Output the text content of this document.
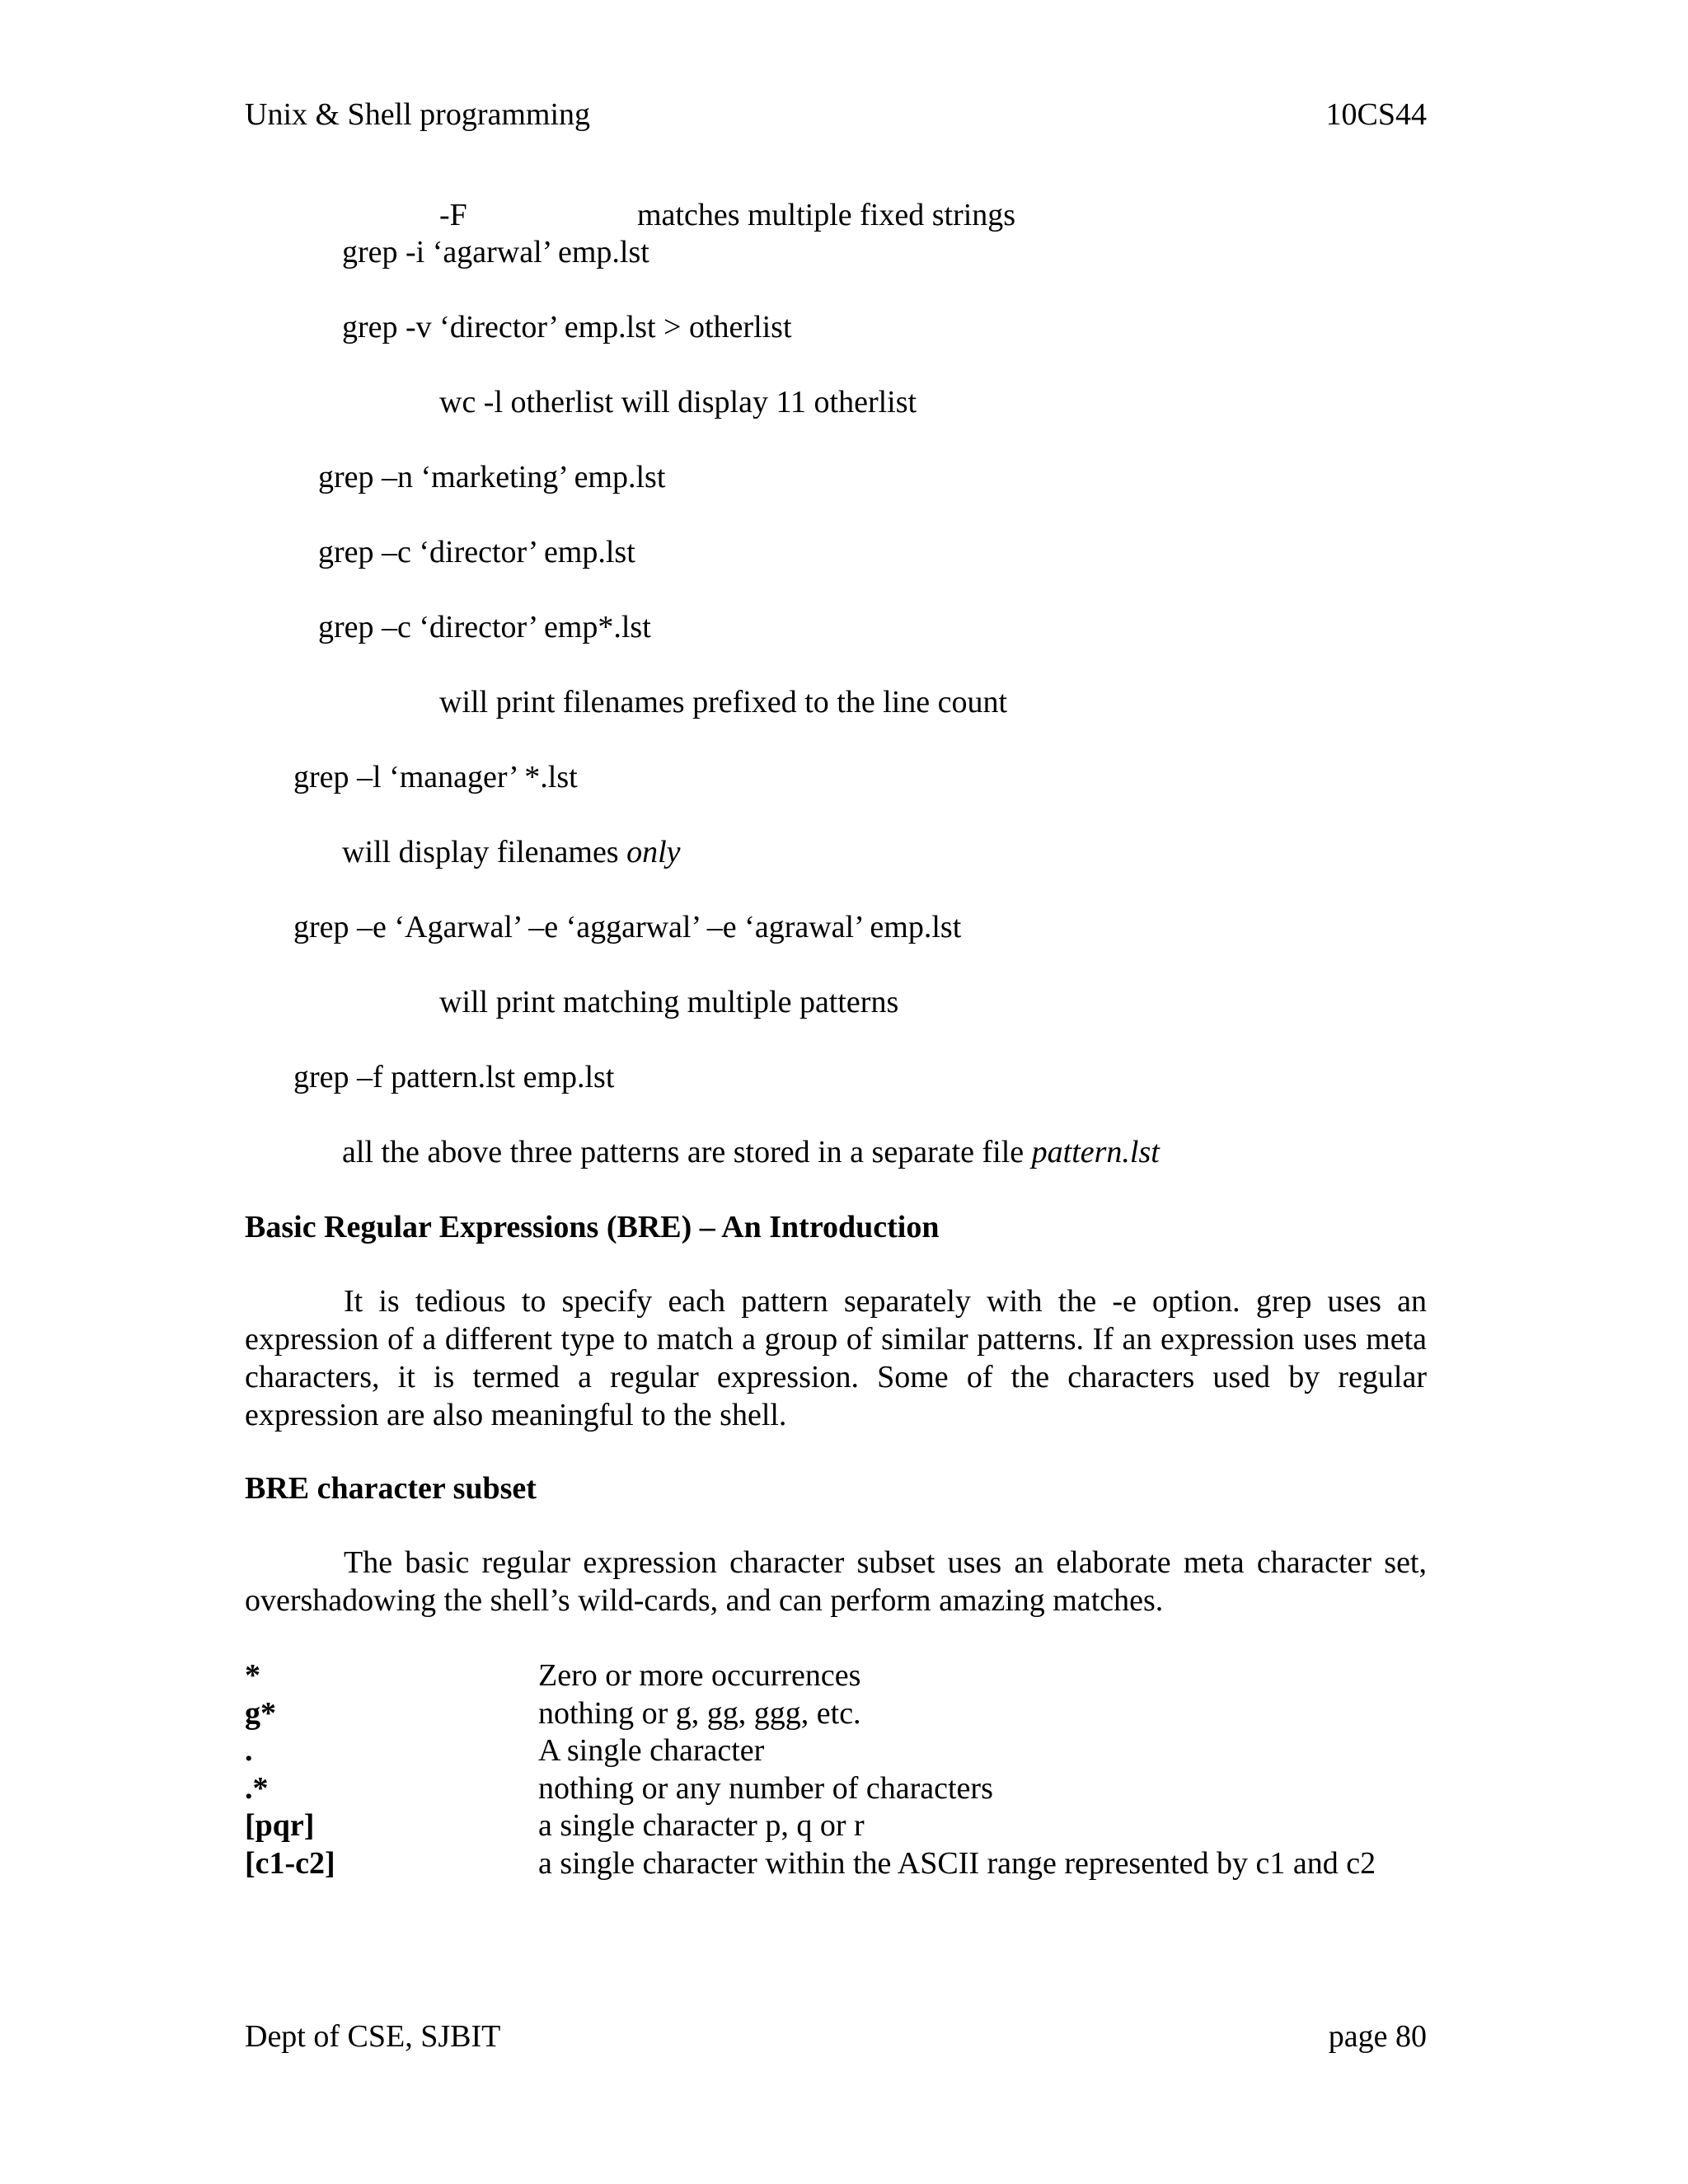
Unix & Shell programming	10CS44
-F	matches multiple fixed strings
grep -i ‘agarwal’ emp.lst
grep -v ‘director’ emp.lst > otherlist
wc -l otherlist will display 11 otherlist
grep –n ‘marketing’ emp.lst
grep –c ‘director’ emp.lst
grep –c ‘director’ emp*.lst
will print filenames prefixed to the line count
grep –l ‘manager’ *.lst
will display filenames only
grep –e ‘Agarwal’ –e ‘aggarwal’ –e ‘agrawal’ emp.lst
will print matching multiple patterns
grep –f pattern.lst emp.lst
all the above three patterns are stored in a separate file pattern.lst
Basic Regular Expressions (BRE) – An Introduction

It is tedious to specify each pattern separately with the -e option. grep uses an expression of a different type to match a group of similar patterns. If an expression uses meta characters, it is termed a regular expression. Some of the characters used by regular expression are also meaningful to the shell.

BRE character subset

The basic regular expression character subset uses an elaborate meta character set, overshadowing the shell’s wild-cards, and can perform amazing matches.

*	Zero or more occurrences
g*	nothing or g, gg, ggg, etc.
.	A single character
.*	nothing or any number of characters
[pqr]	a single character p, q or r
[c1-c2]	a single character within the ASCII range represented by c1 and c2
Dept of CSE, SJBIT	page 80
